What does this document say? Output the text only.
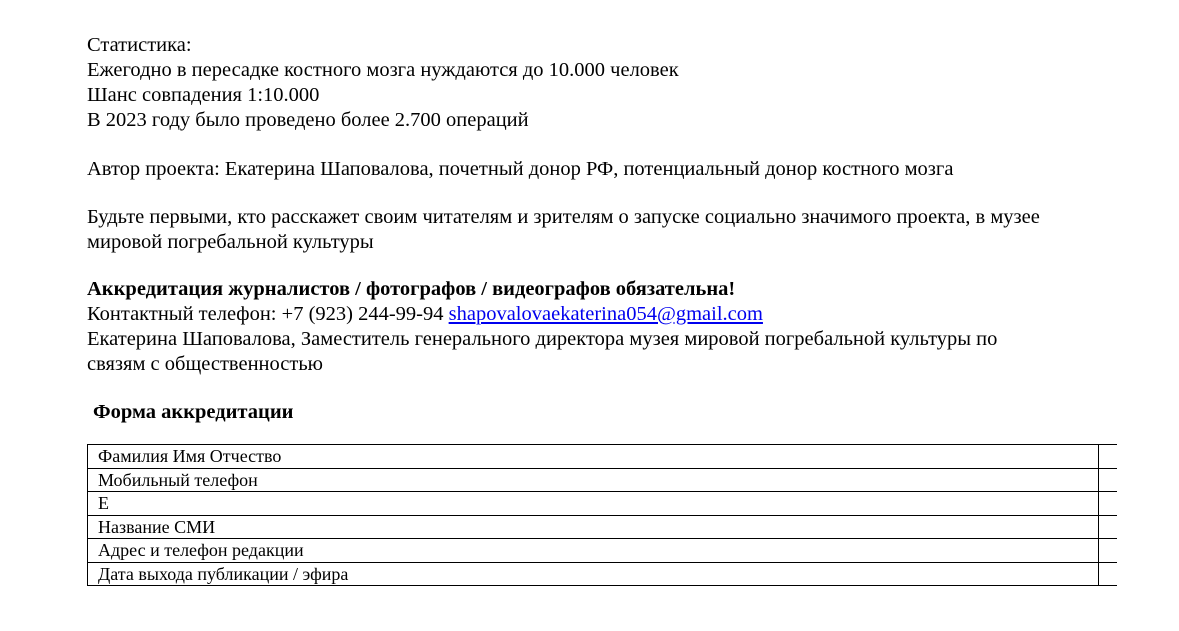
Статистика:
Ежегодно в пересадке костного мозга нуждаются до 10.000 человек
Шанс совпадения 1:10.000
В 2023 году было проведено более 2.700 операций

Автор проекта: Екатерина Шаповалова, почетный донор РФ, потенциальный донор костного мозга

Будьте первыми, кто расскажет своим читателям и зрителям о запуске социально значимого проекта, в музее
мировой погребальной культуры

Аккредитация журналистов / фотографов / видеографов обязательна!
Контактный телефон: +7 (923) 244-99-94 shapovalovaekaterina054@gmail.com
Екатерина Шаповалова, Заместитель генерального директора музея мировой погребальной культуры по
связям с общественностью

Форма аккредитации
Фамилия Имя Отчество	
Мобильный телефон	
E	
Название СМИ	
Адрес и телефон редакции	
Дата выхода публикации / эфира	
